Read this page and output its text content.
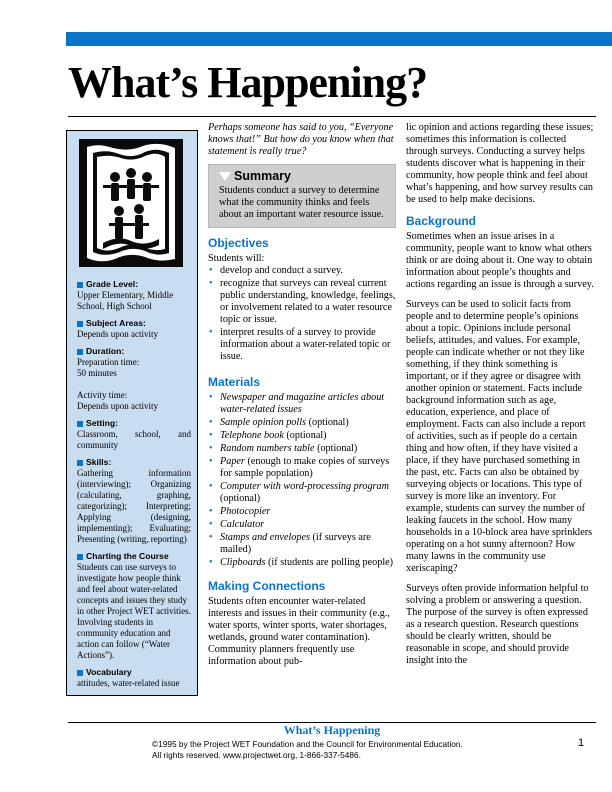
What’s Happening?
Grade Level:
Upper Elementary, Middle School, High School
Subject Areas:
Depends upon activity
Duration:
Preparation time:
50 minutes

Activity time:
Depends upon activity
Setting:
Classroom, school, and community
Skills:
Gathering information (interviewing); Organizing (calculating, graphing, categorizing); Interpreting; Applying (designing, implementing); Evaluating; Presenting (writing, reporting)
Charting the Course
Students can use surveys to investigate how people think and feel about water-related concepts and issues they study in other Project WET activities. Involving students in community education and action can follow (“Water Actions”).
Vocabulary
attitudes, water-related issue

Perhaps someone has said to you, “Everyone knows that!” But how do you know when that statement is really true?

Summary

Students conduct a survey to determine what the community thinks and feels about an important water resource issue.

Objectives

Students will:

• develop and conduct a survey.
• recognize that surveys can reveal current public understanding, knowledge, feelings, or involvement related to a water resource topic or issue.
• interpret results of a survey to provide information about a water-related topic or issue.
Materials
• Newspaper and magazine articles about water-related issues
• Sample opinion polls (optional)
• Telephone book (optional)
• Random numbers table (optional)
• Paper (enough to make copies of surveys for sample population)
• Computer with word-processing program (optional)
• Photocopier
• Calculator
• Stamps and envelopes (if surveys are mailed)
• Clipboards (if students are polling people)
Making Connections

Students often encounter water-related interests and issues in their community (e.g., water sports, winter sports, water shortages, wetlands, ground water contamination). Community planners frequently use information about pub-

lic opinion and actions regarding these issues; sometimes this information is collected through surveys. Conducting a survey helps students discover what is happening in their community, how people think and feel about what’s happening, and how survey results can be used to help make decisions.

Background

Sometimes when an issue arises in a community, people want to know what others think or are doing about it. One way to obtain information about people’s thoughts and actions regarding an issue is through a survey.

Surveys can be used to solicit facts from people and to determine people’s opinions about a topic. Opinions include personal beliefs, attitudes, and values. For example, people can indicate whether or not they like something, if they think something is important, or if they agree or disagree with another opinion or statement. Facts include background information such as age, education, experience, and place of employment. Facts can also include a report of activities, such as if people do a certain thing and how often, if they have visited a place, if they have purchased something in the past, etc. Facts can also be obtained by surveying objects or locations. This type of survey is more like an inventory. For example, students can survey the number of leaking faucets in the school. How many households in a 10-block area have sprinklers operating on a hot sunny afternoon? How many lawns in the community use xeriscaping?

Surveys often provide information helpful to solving a problem or answering a question. The purpose of the survey is often expressed as a research question. Research questions should be clearly written, should be reasonable in scope, and should provide insight into the

What’s Happening
©1995 by the Project WET Foundation and the Council for Environmental Education.
All rights reserved. www.projectwet.org, 1-866-337-5486.
1
